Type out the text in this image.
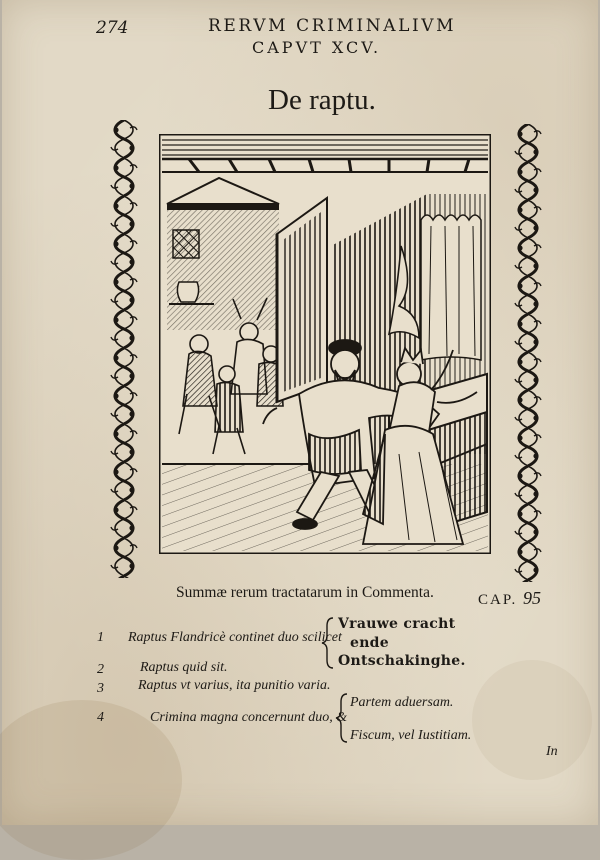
274	RERVM CRIMINALIVM
CAPVT XCV.
De raptu.
Summæ rerum tractatarum in Commenta.	CAP. 95
1 Raptus Flandricè continet duo scilicet
Vrauwe cracht
ende
Ontschakinghe.
2	Raptus quid sit.
3 Raptus vt varius, ita punitio varia.
4	Crimina magna concernunt duo, &
Partem aduersam.
Fiscum, vel Iustitiam.
In
